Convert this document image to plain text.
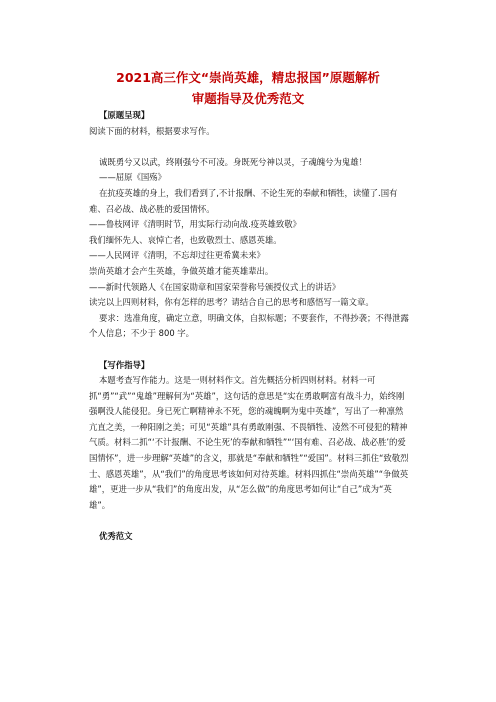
2021高三作文“崇尚英雄，精忠报国”原题解析
审题指导及优秀范文

【原题呈现】

阅读下面的材料，根据要求写作。

诚既勇兮又以武，终刚强兮不可凌。身既死兮神以灵，子魂魄兮为鬼雄！

——屈原《国殇》

在抗疫英雄的身上，我们看到了,不计报酬、不论生死的奉献和牺牲，读懂了.国有

难、召必战、战必胜的爱国情怀。

——鲁枝网评《清明时节，用实际行动向战.疫英雄致敬》

我们缅怀先人、哀悼亡者，也致敬烈士、感恩英雄。

——人民网评《清明，不忘却过往更希冀未来》

崇尚英雄才会产生英雄，争做英雄才能英雄辈出。

——新时代领路人《在国家勋章和国家荣誉称号颁授仪式上的讲话》

读完以上四则材料，你有怎样的思考？请结合自己的思考和感悟写一篇文章。

要求：选准角度，确定立意，明确文体，自拟标题；不要套作，不得抄袭；不得泄露个人信息；不少于 800 字。

【写作指导】

本题考查写作能力。这是一则材料作文。首先概括分析四则材料。材料一可抓“勇”“武”“鬼雄”理解何为“英雄”，这句话的意思是“实在勇敢啊富有战斗力，始终刚强啊没人能侵犯。身已死亡啊精神永不死，您的魂魄啊为鬼中英雄”，写出了一种凛然亢直之美，一种阳刚之美；可见“英雄”具有勇敢刚强、不畏牺牲、凌然不可侵犯的精神气质。材料二抓“‘不计报酬、不论生死’的奉献和牺牲”“‘国有难、召必战、战必胜’的爱国情怀”，进一步理解“英雄”的含义，那就是“奉献和牺牲”“爱国”。材料三抓住“致敬烈士、感恩英雄”，从“我们”的角度思考该如何对待英雄。材料四抓住“崇尚英雄”“争做英雄”，更进一步从“我们”的角度出发，从“怎么做”的角度思考如何让“自己”成为“英雄”。

优秀范文
